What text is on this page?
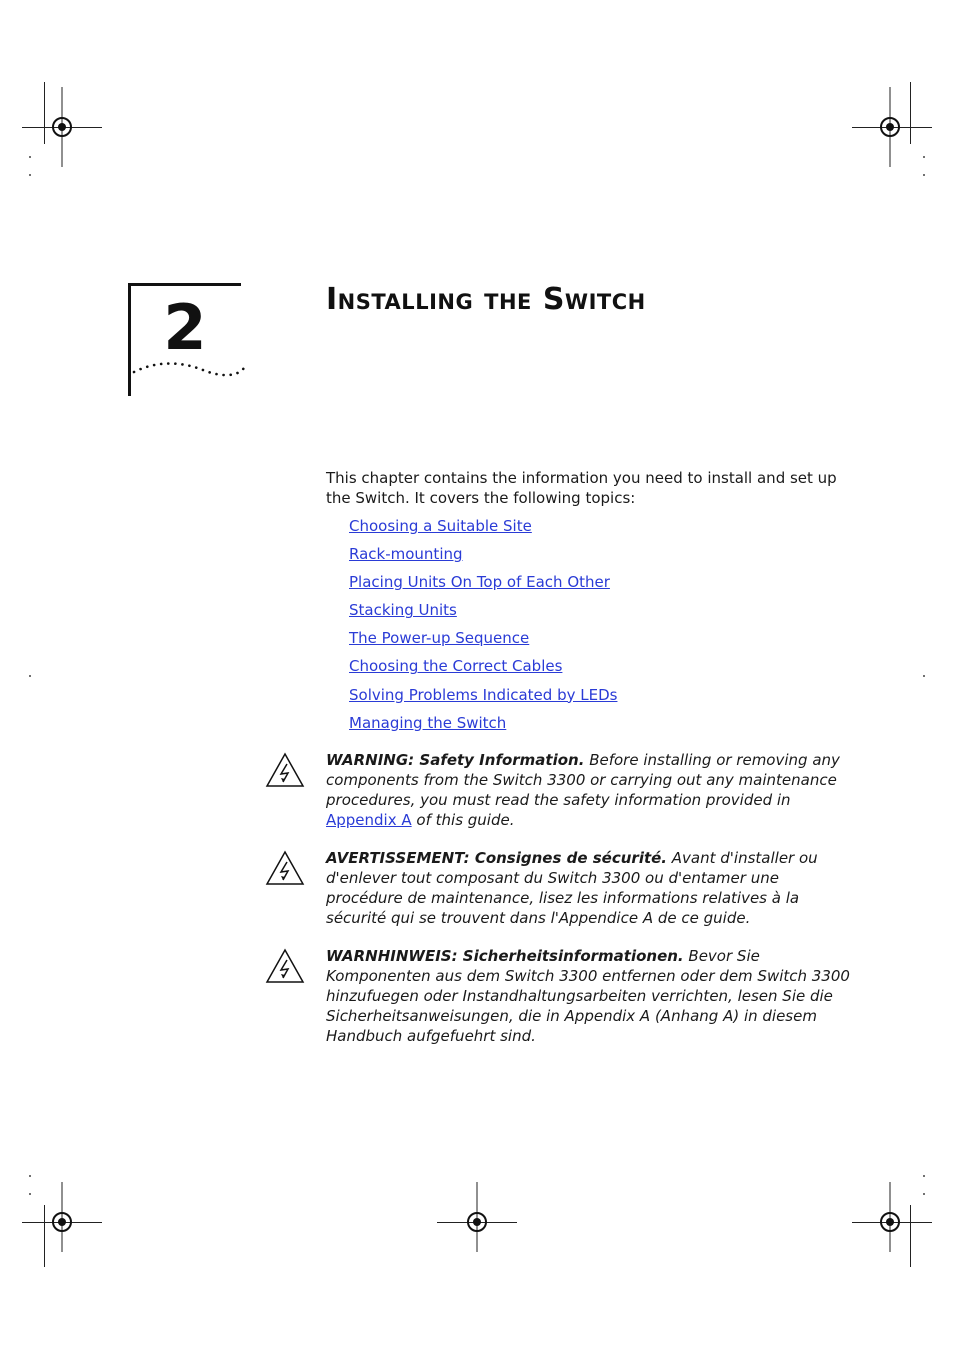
2	Installing the Switch

This chapter contains the information you need to install and set up the Switch. It covers the following topics:

Choosing a Suitable Site
Rack-mounting
Placing Units On Top of Each Other
Stacking Units
The Power-up Sequence
Choosing the Correct Cables
Solving Problems Indicated by LEDs
Managing the Switch

WARNING: Safety Information. Before installing or removing any components from the Switch 3300 or carrying out any maintenance procedures, you must read the safety information provided in Appendix A of this guide.

AVERTISSEMENT: Consignes de sécurité. Avant d'installer ou d'enlever tout composant du Switch 3300 ou d'entamer une procédure de maintenance, lisez les informations relatives à la sécurité qui se trouvent dans l'Appendice A de ce guide.

WARNHINWEIS: Sicherheitsinformationen. Bevor Sie Komponenten aus dem Switch 3300 entfernen oder dem Switch 3300 hinzufuegen oder Instandhaltungsarbeiten verrichten, lesen Sie die Sicherheitsanweisungen, die in Appendix A (Anhang A) in diesem Handbuch aufgefuehrt sind.
